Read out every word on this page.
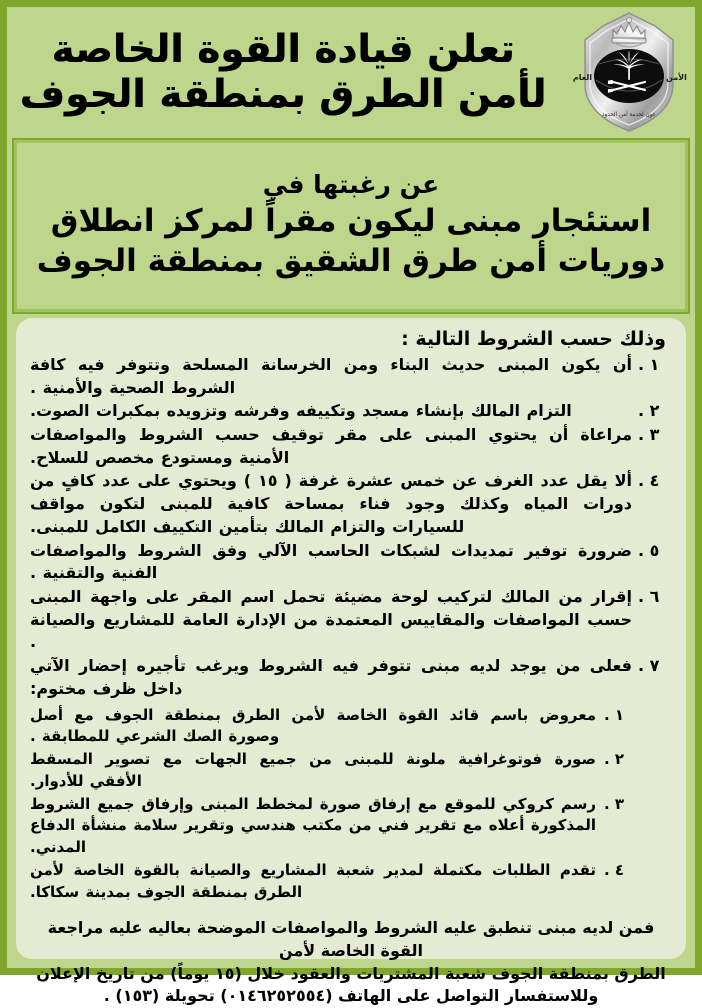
تعلن قيادة القوة الخاصة
لأمن الطرق بمنطقة الجوف	الأمن
العام
عون لخدمة أمن الحدود
عن رغبتها في
استئجار مبنى ليكون مقراً لمركز انطلاق
دوريات أمن طرق الشقيق بمنطقة الجوف
وذلك حسب الشروط التالية :
١ .
أن يكون المبنى حديث البناء ومن الخرسانة المسلحة وتتوفر فيه كافة الشروط الصحية والأمنية .
٢ .
التزام المالك بإنشاء مسجد وتكييفه وفرشه وتزويده بمكبرات الصوت.
٣ .
مراعاة أن يحتوي المبنى على مقر توقيف حسب الشروط والمواصفات الأمنية ومستودع مخصص للسلاح.
٤ .
ألا يقل عدد الغرف عن خمس عشرة غرفة ( ١٥ ) ويحتوي على عدد كافٍ من دورات المياه وكذلك وجود فناء بمساحة كافية للمبنى لتكون مواقف للسيارات والتزام المالك بتأمين التكييف الكامل للمبنى.
٥ .
ضرورة توفير تمديدات لشبكات الحاسب الآلي وفق الشروط والمواصفات الفنية والتقنية .
٦ .
إقرار من المالك لتركيب لوحة مضيئة تحمل اسم المقر على واجهة المبنى حسب المواصفات والمقاييس المعتمدة من الإدارة العامة للمشاريع والصيانة .
٧ .
فعلى من يوجد لديه مبنى تتوفر فيه الشروط ويرغب تأجيره إحضار الآتي داخل ظرف مختوم:
١ .
معروض باسم قائد القوة الخاصة لأمن الطرق بمنطقة الجوف مع أصل وصورة الصك الشرعي للمطابقة .
٢ .
صورة فوتوغرافية ملونة للمبنى من جميع الجهات مع تصوير المسقط الأفقي للأدوار.
٣ .
رسم كروكي للموقع مع إرفاق صورة لمخطط المبنى وإرفاق جميع الشروط المذكورة أعلاه مع تقرير فني من مكتب هندسي وتقرير سلامة منشأة الدفاع المدني.
٤ .
تقدم الطلبات مكتملة لمدير شعبة المشاريع والصيانة بالقوة الخاصة لأمن الطرق بمنطقة الجوف بمدينة سكاكا.
فمن لديه مبنى تنطبق عليه الشروط والمواصفات الموضحة بعاليه عليه مراجعة القوة الخاصة لأمن
الطرق بمنطقة الجوف شعبة المشتريات والعقود خلال (١٥ يوماً) من تاريخ الإعلان
وللاستفسار التواصل على الهاتف (٠١٤٦٢٥٢٥٥٤) تحويلة (١٥٣) .
